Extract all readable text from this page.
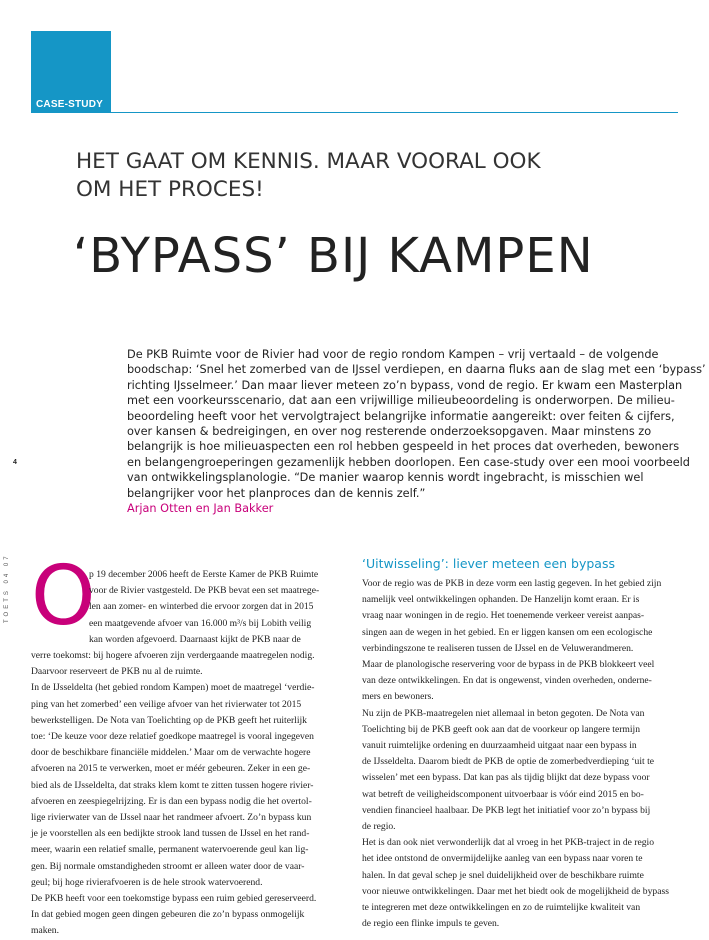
CASE-STUDY
HET GAAT OM KENNIS. MAAR VOORAL OOK
OM HET PROCES!
‘BYPASS’ BIJ KAMPEN
De PKB Ruimte voor de Rivier had voor de regio rondom Kampen – vrij vertaald – de volgende
boodschap: ‘Snel het zomerbed van de IJssel verdiepen, en daarna fluks aan de slag met een ‘bypass’
richting IJsselmeer.’ Dan maar liever meteen zo’n bypass, vond de regio. Er kwam een Masterplan
met een voorkeursscenario, dat aan een vrijwillige milieubeoordeling is onderworpen. De milieu-
beoordeling heeft voor het vervolgtraject belangrijke informatie aangereikt: over feiten & cijfers,
over kansen & bedreigingen, en over nog resterende onderzoeksopgaven. Maar minstens zo
belangrijk is hoe milieuaspecten een rol hebben gespeeld in het proces dat overheden, bewoners
en belangengroeperingen gezamenlijk hebben doorlopen. Een case-study over een mooi voorbeeld
van ontwikkelingsplanologie. “De manier waarop kennis wordt ingebracht, is misschien wel
belangrijker voor het planproces dan de kennis zelf.”
Arjan Otten en Jan Bakker
4
TOETS 04 07 O
p 19 december 2006 heeft de Eerste Kamer de PKB Ruimte
voor de Rivier vastgesteld. De PKB bevat een set maatrege-
len aan zomer- en winterbed die ervoor zorgen dat in 2015
een maatgevende afvoer van 16.000 m³/s bij Lobith veilig
kan worden afgevoerd. Daarnaast kijkt de PKB naar de
verre toekomst: bij hogere afvoeren zijn verdergaande maatregelen nodig.
Daarvoor reserveert de PKB nu al de ruimte.
In de IJsseldelta (het gebied rondom Kampen) moet de maatregel ‘verdie-
ping van het zomerbed’ een veilige afvoer van het rivierwater tot 2015
bewerkstelligen. De Nota van Toelichting op de PKB geeft het ruiterlijk
toe: ‘De keuze voor deze relatief goedkope maatregel is vooral ingegeven
door de beschikbare financiële middelen.’ Maar om de verwachte hogere
afvoeren na 2015 te verwerken, moet er méér gebeuren. Zeker in een ge-
bied als de IJsseldelta, dat straks klem komt te zitten tussen hogere rivier-
afvoeren en zeespiegelrijzing. Er is dan een bypass nodig die het overtol-
lige rivierwater van de IJssel naar het randmeer afvoert. Zo’n bypass kun
je je voorstellen als een bedijkte strook land tussen de IJssel en het rand-
meer, waarin een relatief smalle, permanent watervoerende geul kan lig-
gen. Bij normale omstandigheden stroomt er alleen water door de vaar-
geul; bij hoge rivierafvoeren is de hele strook watervoerend.
De PKB heeft voor een toekomstige bypass een ruim gebied gereserveerd.
In dat gebied mogen geen dingen gebeuren die zo’n bypass onmogelijk
maken.
‘Uitwisseling’: liever meteen een bypass
Voor de regio was de PKB in deze vorm een lastig gegeven. In het gebied zijn
namelijk veel ontwikkelingen ophanden. De Hanzelijn komt eraan. Er is
vraag naar woningen in de regio. Het toenemende verkeer vereist aanpas-
singen aan de wegen in het gebied. En er liggen kansen om een ecologische
verbindingszone te realiseren tussen de IJssel en de Veluwerandmeren.
Maar de planologische reservering voor de bypass in de PKB blokkeert veel
van deze ontwikkelingen. En dat is ongewenst, vinden overheden, onderne-
mers en bewoners.
Nu zijn de PKB-maatregelen niet allemaal in beton gegoten. De Nota van
Toelichting bij de PKB geeft ook aan dat de voorkeur op langere termijn
vanuit ruimtelijke ordening en duurzaamheid uitgaat naar een bypass in
de IJsseldelta. Daarom biedt de PKB de optie de zomerbedverdieping ‘uit te
wisselen’ met een bypass. Dat kan pas als tijdig blijkt dat deze bypass voor
wat betreft de veiligheidscomponent uitvoerbaar is vóór eind 2015 en bo-
vendien financieel haalbaar. De PKB legt het initiatief voor zo’n bypass bij
de regio.
Het is dan ook niet verwonderlijk dat al vroeg in het PKB-traject in de regio
het idee ontstond de onvermijdelijke aanleg van een bypass naar voren te
halen. In dat geval schep je snel duidelijkheid over de beschikbare ruimte
voor nieuwe ontwikkelingen. Daar met het biedt ook de mogelijkheid de bypass
te integreren met deze ontwikkelingen en zo de ruimtelijke kwaliteit van
de regio een flinke impuls te geven.
